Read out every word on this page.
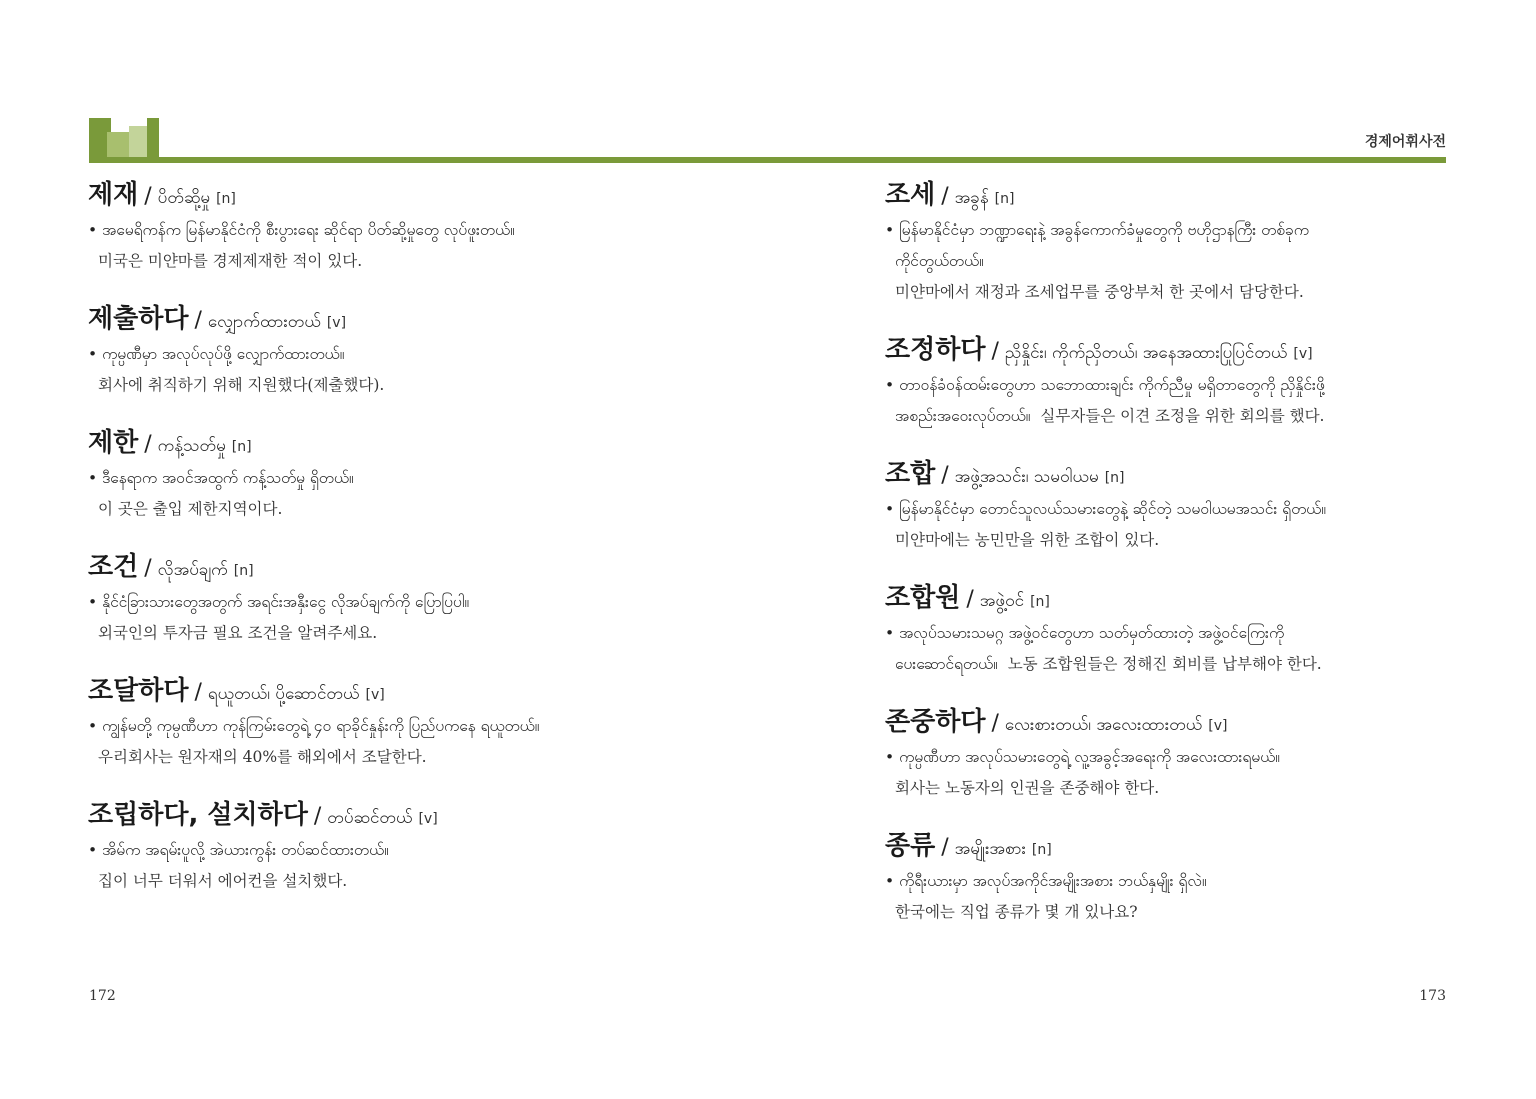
경제어휘사전
제재 / ပိတ်ဆို့မှု [n]
• အမေရိကန်က မြန်မာနိုင်ငံကို စီးပွားရေး ဆိုင်ရာ ပိတ်ဆို့မှုတွေ လုပ်ဖူးတယ်။
미국은 미얀마를 경제제재한 적이 있다.
제출하다 / လျှောက်ထားတယ် [v]
• ကုမ္ပဏီမှာ အလုပ်လုပ်ဖို့ လျှောက်ထားတယ်။
회사에 취직하기 위해 지원했다(제출했다).
제한 / ကန့်သတ်မှု [n]
• ဒီနေရာက အဝင်အထွက် ကန့်သတ်မှု ရှိတယ်။
이 곳은 출입 제한지역이다.
조건 / လိုအပ်ချက် [n]
• နိုင်ငံခြားသားတွေအတွက် အရင်းအနှီးငွေ လိုအပ်ချက်ကို ပြောပြပါ။
외국인의 투자금 필요 조건을 알려주세요.
조달하다 / ရယူတယ်၊ ပို့ဆောင်တယ် [v]
• ကျွန်မတို့ ကုမ္ပဏီဟာ ကုန်ကြမ်းတွေရဲ့ ၄၀ ရာခိုင်နှုန်းကို ပြည်ပကနေ ရယူတယ်။
우리회사는 원자재의 40%를 해외에서 조달한다.
조립하다, 설치하다 / တပ်ဆင်တယ် [v]
• အိမ်က အရမ်းပူလို့ အဲယားကွန်း တပ်ဆင်ထားတယ်။
집이 너무 더워서 에어컨을 설치했다.
조세 / အခွန် [n]
• မြန်မာနိုင်ငံမှာ ဘဏ္ဍာရေးနဲ့ အခွန်ကောက်ခံမှုတွေကို ဗဟိုဌာနကြီး တစ်ခုက
ကိုင်တွယ်တယ်။
미얀마에서 재정과 조세업무를 중앙부처 한 곳에서 담당한다.
조정하다 / ညှိနှိုင်း၊ ကိုက်ညှိတယ်၊ အနေအထားပြုပြင်တယ် [v]
• တာဝန်ခံဝန်ထမ်းတွေဟာ သဘောထားချင်း ကိုက်ညီမှု မရှိတာတွေကို ညှိနှိုင်းဖို့
အစည်းအဝေးလုပ်တယ်။ 실무자들은 이견 조정을 위한 회의를 했다.
조합 / အဖွဲ့အသင်း၊ သမဝါယမ [n]
• မြန်မာနိုင်ငံမှာ တောင်သူလယ်သမားတွေနဲ့ ဆိုင်တဲ့ သမဝါယမအသင်း ရှိတယ်။
미얀마에는 농민만을 위한 조합이 있다.
조합원 / အဖွဲ့ဝင် [n]
• အလုပ်သမားသမဂ္ဂ အဖွဲ့ဝင်တွေဟာ သတ်မှတ်ထားတဲ့ အဖွဲ့ဝင်ကြေးကို
ပေးဆောင်ရတယ်။ 노동 조합원들은 정해진 회비를 납부해야 한다.
존중하다 / လေးစားတယ်၊ အလေးထားတယ် [v]
• ကုမ္ပဏီဟာ အလုပ်သမားတွေရဲ့ လူ့အခွင့်အရေးကို အလေးထားရမယ်။
회사는 노동자의 인권을 존중해야 한다.
종류 / အမျိုးအစား [n]
• ကိုရီးယားမှာ အလုပ်အကိုင်အမျိုးအစား ဘယ်နှမျိုး ရှိလဲ။
한국에는 직업 종류가 몇 개 있나요?
172	173
